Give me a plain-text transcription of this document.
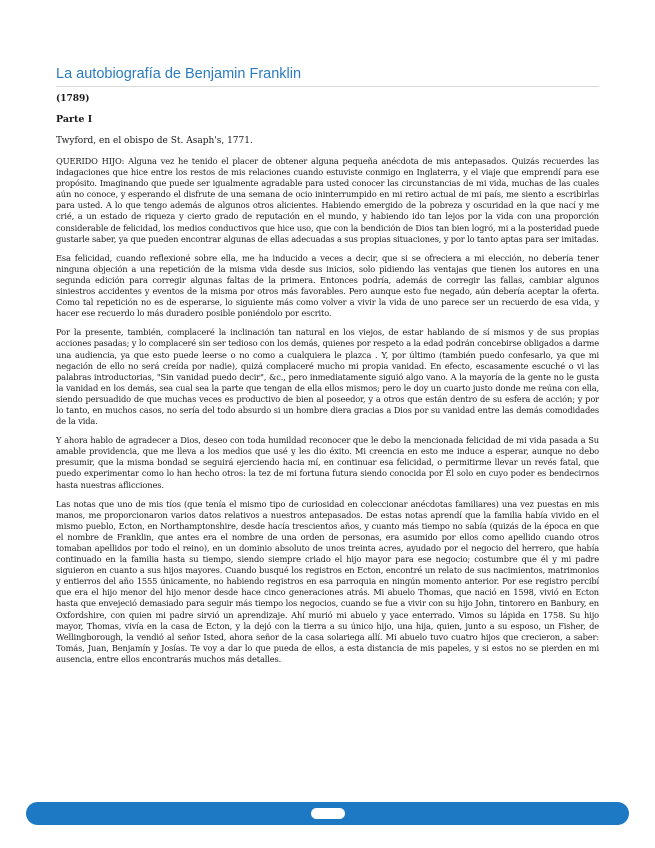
La autobiografía de Benjamin Franklin

(1789)

Parte I

Twyford, en el obispo de St. Asaph's, 1771.

QUERIDO HIJO: Alguna vez he tenido el placer de obtener alguna pequeña anécdota de mis antepasados. Quizás recuerdes las indagaciones que hice entre los restos de mis relaciones cuando estuviste conmigo en Inglaterra, y el viaje que emprendí para ese propósito. Imaginando que puede ser igualmente agradable para usted conocer las circunstancias de mi vida, muchas de las cuales aún no conoce, y esperando el disfrute de una semana de ocio ininterrumpido en mi retiro actual de mi país, me siento a escribirlas para usted. A lo que tengo además de algunos otros alicientes. Habiendo emergido de la pobreza y oscuridad en la que nací y me crié, a un estado de riqueza y cierto grado de reputación en el mundo, y habiendo ido tan lejos por la vida con una proporción considerable de felicidad, los medios conductivos que hice uso, que con la bendición de Dios tan bien logró, mi a la posteridad puede gustarle saber, ya que pueden encontrar algunas de ellas adecuadas a sus propias situaciones, y por lo tanto aptas para ser imitadas.

Esa felicidad, cuando reflexioné sobre ella, me ha inducido a veces a decir, que si se ofreciera a mi elección, no debería tener ninguna objeción a una repetición de la misma vida desde sus inicios, solo pidiendo las ventajas que tienen los autores en una segunda edición para corregir algunas faltas de la primera. Entonces podría, además de corregir las fallas, cambiar algunos siniestros accidentes y eventos de la misma por otros más favorables. Pero aunque esto fue negado, aún debería aceptar la oferta. Como tal repetición no es de esperarse, lo siguiente más como volver a vivir la vida de uno parece ser un recuerdo de esa vida, y hacer ese recuerdo lo más duradero posible poniéndolo por escrito.

Por la presente, también, complaceré la inclinación tan natural en los viejos, de estar hablando de sí mismos y de sus propias acciones pasadas; y lo complaceré sin ser tedioso con los demás, quienes por respeto a la edad podrán concebirse obligados a darme una audiencia, ya que esto puede leerse o no como a cualquiera le plazca . Y, por último (también puedo confesarlo, ya que mi negación de ello no será creída por nadie), quizá complaceré mucho mi propia vanidad. En efecto, escasamente escuché o vi las palabras introductorias, "Sin vanidad puedo decir", &c., pero inmediatamente siguió algo vano. A la mayoría de la gente no le gusta la vanidad en los demás, sea cual sea la parte que tengan de ella ellos mismos; pero le doy un cuarto justo donde me reúna con ella, siendo persuadido de que muchas veces es productivo de bien al poseedor, y a otros que están dentro de su esfera de acción; y por lo tanto, en muchos casos, no sería del todo absurdo si un hombre diera gracias a Dios por su vanidad entre las demás comodidades de la vida.

Y ahora hablo de agradecer a Dios, deseo con toda humildad reconocer que le debo la mencionada felicidad de mi vida pasada a Su amable providencia, que me lleva a los medios que usé y les dio éxito. Mi creencia en esto me induce a esperar, aunque no debo presumir, que la misma bondad se seguirá ejerciendo hacia mí, en continuar esa felicidad, o permitirme llevar un revés fatal, que puedo experimentar como lo han hecho otros: la tez de mi fortuna futura siendo conocida por Él solo en cuyo poder es bendecirnos hasta nuestras aflicciones.

Las notas que uno de mis tíos (que tenía el mismo tipo de curiosidad en coleccionar anécdotas familiares) una vez puestas en mis manos, me proporcionaron varios datos relativos a nuestros antepasados. De estas notas aprendí que la familia había vivido en el mismo pueblo, Ecton, en Northamptonshire, desde hacía trescientos años, y cuanto más tiempo no sabía (quizás de la época en que el nombre de Franklin, que antes era el nombre de una orden de personas, era asumido por ellos como apellido cuando otros tomaban apellidos por todo el reino), en un dominio absoluto de unos treinta acres, ayudado por el negocio del herrero, que había continuado en la familia hasta su tiempo, siendo siempre criado el hijo mayor para ese negocio; costumbre que él y mi padre siguieron en cuanto a sus hijos mayores. Cuando busqué los registros en Ecton, encontré un relato de sus nacimientos, matrimonios y entierros del año 1555 únicamente, no habiendo registros en esa parroquia en ningún momento anterior. Por ese registro percibí que era el hijo menor del hijo menor desde hace cinco generaciones atrás. Mi abuelo Thomas, que nació en 1598, vivió en Ecton hasta que envejeció demasiado para seguir más tiempo los negocios, cuando se fue a vivir con su hijo John, tintorero en Banbury, en Oxfordshire, con quien mi padre sirvió un aprendizaje. Ahí murió mi abuelo y yace enterrado. Vimos su lápida en 1758. Su hijo mayor, Thomas, vivía en la casa de Ecton, y la dejó con la tierra a su único hijo, una hija, quien, junto a su esposo, un Fisher, de Wellingborough, la vendió al señor Isted, ahora señor de la casa solariega allí. Mi abuelo tuvo cuatro hijos que crecieron, a saber: Tomás, Juan, Benjamín y Josías. Te voy a dar lo que pueda de ellos, a esta distancia de mis papeles, y si estos no se pierden en mi ausencia, entre ellos encontrarás muchos más detalles.
